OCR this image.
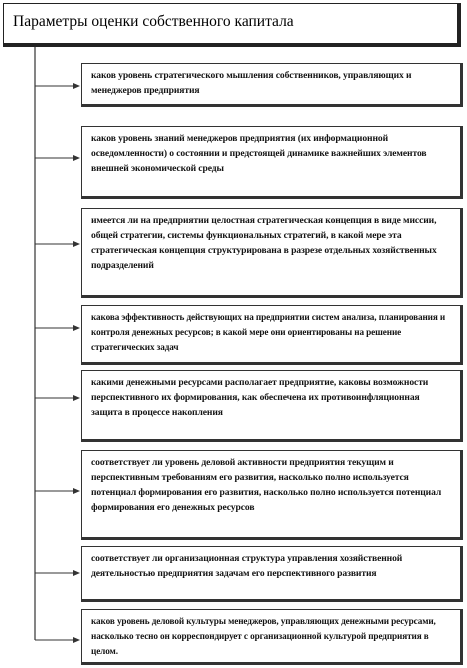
Параметры оценки собственного капитала
каков уровень стратегического мышления собственников, управляющих и менеджеров предприятия
каков уровень знаний менеджеров предприятия (их информационной осведомленности) о состоянии и предстоящей динамике важнейших элементов внешней экономической среды
имеется ли на предприятии целостная стратегическая концепция в виде миссии, общей стратегии, системы функциональных стратегий, в какой мере эта стратегическая концепция структурирована в разрезе отдельных хозяйственных подразделений
какова эффективность действующих на предприятии систем анализа, планирования и контроля денежных ресурсов; в какой мере они ориентированы на решение стратегических задач
какими денежными ресурсами располагает предприятие, каковы возможности перспективного их формирования, как обеспечена их противоинфляционная защита в процессе накопления
соответствует ли уровень деловой активности предприятия текущим и перспективным требованиям его развития, насколько полно используется потенциал формирования его развития, насколько полно используется потенциал формирования его денежных ресурсов
соответствует ли организационная структура управления хозяйственной деятельностью предприятия задачам его перспективного развития
каков уровень деловой культуры менеджеров, управляющих денежными ресурсами, насколько тесно он корреспондирует с организационной культурой предприятия в целом.
